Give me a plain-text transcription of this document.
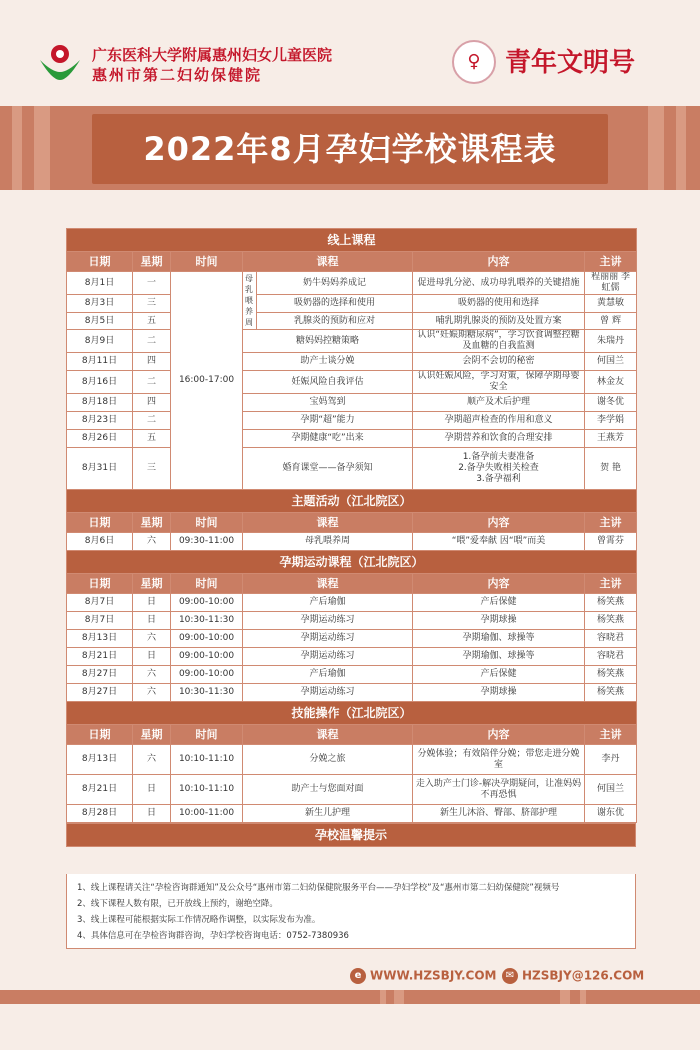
广东医科大学附属惠州妇女儿童医院
惠州市第二妇幼保健院
♀ 青年文明号
2022年8月孕妇学校课程表
线上课程						
日期	星期	时间	课程		内容	主讲
8月1日	一	16:00-17:00	母乳喂养周	奶牛妈妈养成记	促进母乳分泌、成功母乳喂养的关键措施	程丽丽 李虹儒
8月3日	三			吸奶器的选择和使用	吸奶器的使用和选择	黄慧敏
8月5日	五			乳腺炎的预防和应对	哺乳期乳腺炎的预防及处置方案	曾 辉
8月9日	二		糖妈妈控糖策略		认识“妊娠期糖尿病”，学习饮食调整控糖及血糖的自我监测	朱瑞丹
8月11日	四		助产士谈分娩		会阴不会切的秘密	何国兰
8月16日	二		妊娠风险自我评估		认识妊娠风险，学习对策，保障孕期母婴安全	林金友
8月18日	四		宝妈驾到		顺产及术后护理	谢冬优
8月23日	二		孕期“超”能力		孕期超声检查的作用和意义	李学娟
8月26日	五		孕期健康“吃”出来		孕期营养和饮食的合理安排	王燕芳
8月31日	三		婚育课堂——备孕须知		1.备孕前夫妻准备
2.备孕失败相关检查
3.备孕福利	贺 艳
主题活动（江北院区）						
日期	星期	时间	课程		内容	主讲
8月6日	六	09:30-11:00	母乳喂养周		“喂”爱奉献 因“喂”而美	曾霄芬
孕期运动课程（江北院区）						
日期	星期	时间	课程		内容	主讲
8月7日	日	09:00-10:00	产后瑜伽		产后保健	杨笑燕
8月7日	日	10:30-11:30	孕期运动练习		孕期球操	杨笑燕
8月13日	六	09:00-10:00	孕期运动练习		孕期瑜伽、球操等	容晓君
8月21日	日	09:00-10:00	孕期运动练习		孕期瑜伽、球操等	容晓君
8月27日	六	09:00-10:00	产后瑜伽		产后保健	杨笑燕
8月27日	六	10:30-11:30	孕期运动练习		孕期球操	杨笑燕
技能操作（江北院区）						
日期	星期	时间	课程		内容	主讲
8月13日	六	10:10-11:10	分娩之旅		分娩体验；有效陪伴分娩；带您走进分娩室	李丹
8月21日	日	10:10-11:10	助产士与您面对面		走入助产士门诊-解决孕期疑问，让准妈妈不再恐惧	何国兰
8月28日	日	10:00-11:00	新生儿护理		新生儿沐浴、臀部、脐部护理	谢东优
孕校温馨提示
1、线上课程请关注“孕检咨询群通知”及公众号“惠州市第二妇幼保健院服务平台——孕妇学校”及“惠州市第二妇幼保健院”视频号
2、线下课程人数有限，已开放线上预约，谢绝空降。
3、线上课程可能根据实际工作情况略作调整，以实际发布为准。
4、具体信息可在孕检咨询群咨询，孕妇学校咨询电话：0752-7380936
e WWW.HZSBJY.COM ✉ HZSBJY@126.COM
